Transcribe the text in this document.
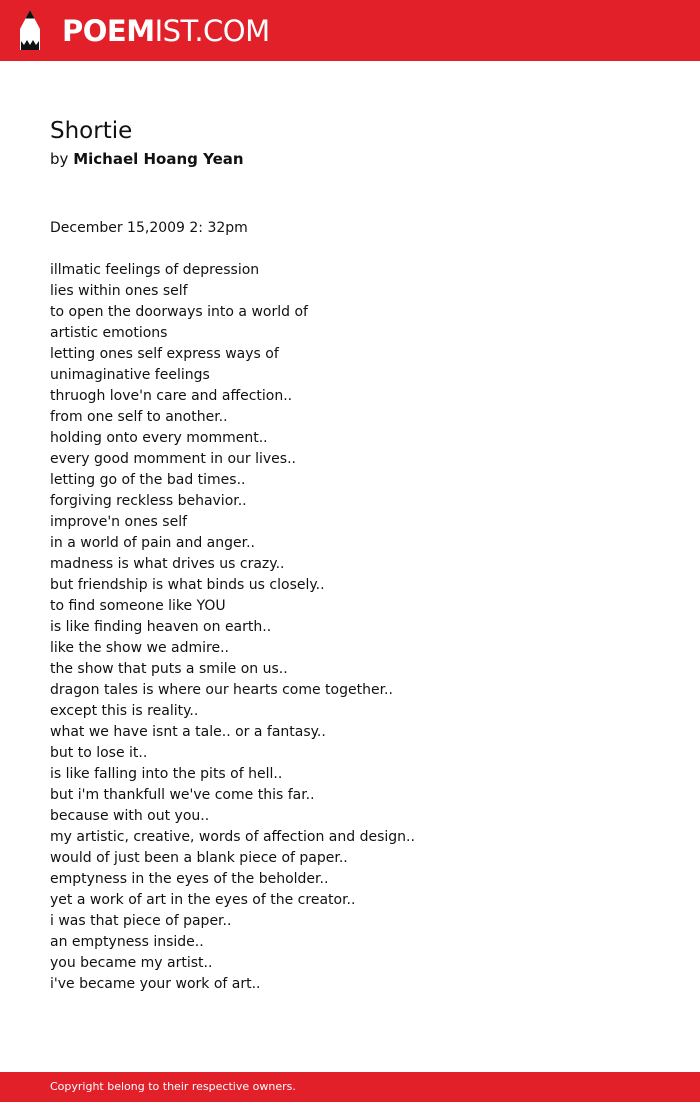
POEM IST.COM
Shortie
by Michael Hoang Yean
December 15,2009 2: 32pm
illmatic feelings of depression
lies within ones self
to open the doorways into a world of
artistic emotions
letting ones self express ways of
unimaginative feelings
thruogh love'n care and affection..
from one self to another..
holding onto every momment..
every good momment in our lives..
letting go of the bad times..
forgiving reckless behavior..
improve'n ones self
in a world of pain and anger..
madness is what drives us crazy..
but friendship is what binds us closely..
to find someone like YOU
is like finding heaven on earth..
like the show we admire..
the show that puts a smile on us..
dragon tales is where our hearts come together..
except this is reality..
what we have isnt a tale.. or a fantasy..
but to lose it..
is like falling into the pits of hell..
but i'm thankfull we've come this far..
because with out you..
my artistic, creative, words of affection and design..
would of just been a blank piece of paper..
emptyness in the eyes of the beholder..
yet a work of art in the eyes of the creator..
i was that piece of paper..
an emptyness inside..
you became my artist..
i've became your work of art..
Copyright belong to their respective owners.
